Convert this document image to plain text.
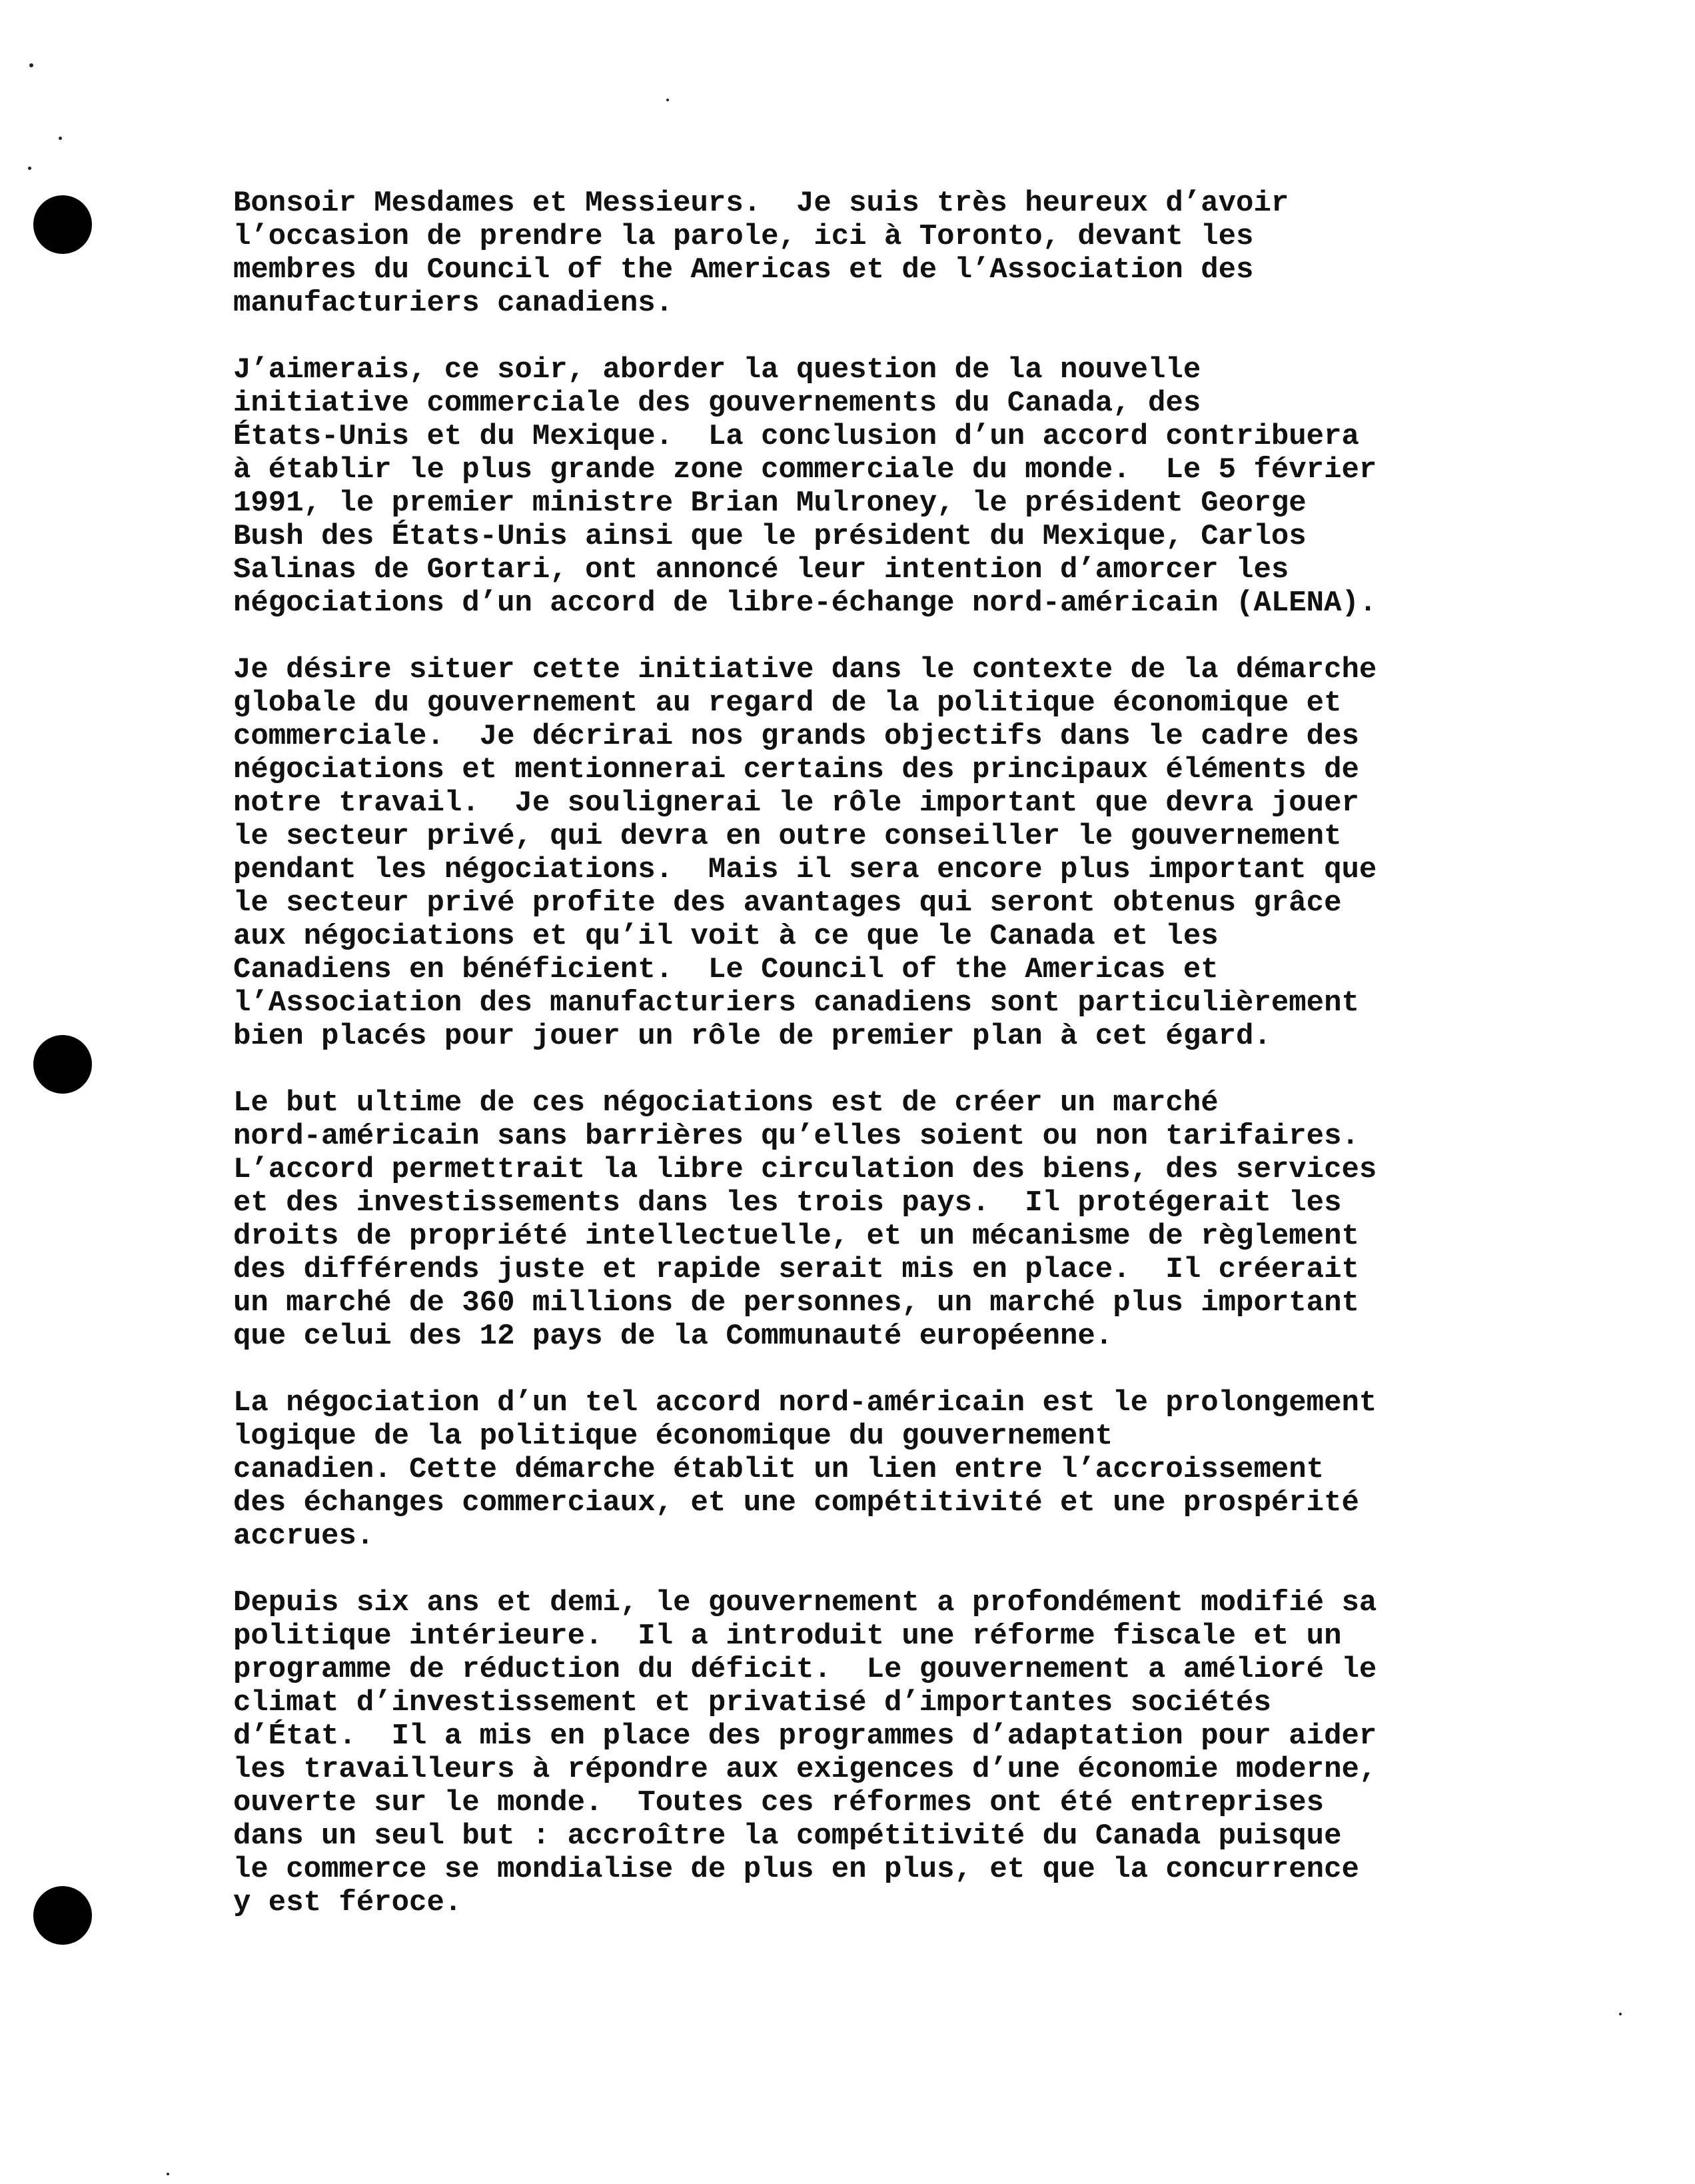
Bonsoir Mesdames et Messieurs.  Je suis très heureux d’avoir
l’occasion de prendre la parole, ici à Toronto, devant les
membres du Council of the Americas et de l’Association des
manufacturiers canadiens.
J’aimerais, ce soir, aborder la question de la nouvelle
initiative commerciale des gouvernements du Canada, des
États-Unis et du Mexique.  La conclusion d’un accord contribuera
à établir le plus grande zone commerciale du monde.  Le 5 février
1991, le premier ministre Brian Mulroney, le président George
Bush des États-Unis ainsi que le président du Mexique, Carlos
Salinas de Gortari, ont annoncé leur intention d’amorcer les
négociations d’un accord de libre-échange nord-américain (ALENA).
Je désire situer cette initiative dans le contexte de la démarche
globale du gouvernement au regard de la politique économique et
commerciale.  Je décrirai nos grands objectifs dans le cadre des
négociations et mentionnerai certains des principaux éléments de
notre travail.  Je soulignerai le rôle important que devra jouer
le secteur privé, qui devra en outre conseiller le gouvernement
pendant les négociations.  Mais il sera encore plus important que
le secteur privé profite des avantages qui seront obtenus grâce
aux négociations et qu’il voit à ce que le Canada et les
Canadiens en bénéficient.  Le Council of the Americas et
l’Association des manufacturiers canadiens sont particulièrement
bien placés pour jouer un rôle de premier plan à cet égard.
Le but ultime de ces négociations est de créer un marché
nord-américain sans barrières qu’elles soient ou non tarifaires.
L’accord permettrait la libre circulation des biens, des services
et des investissements dans les trois pays.  Il protégerait les
droits de propriété intellectuelle, et un mécanisme de règlement
des différends juste et rapide serait mis en place.  Il créerait
un marché de 360 millions de personnes, un marché plus important
que celui des 12 pays de la Communauté européenne.
La négociation d’un tel accord nord-américain est le prolongement
logique de la politique économique du gouvernement
canadien. Cette démarche établit un lien entre l’accroissement
des échanges commerciaux, et une compétitivité et une prospérité
accrues.
Depuis six ans et demi, le gouvernement a profondément modifié sa
politique intérieure.  Il a introduit une réforme fiscale et un
programme de réduction du déficit.  Le gouvernement a amélioré le
climat d’investissement et privatisé d’importantes sociétés
d’État.  Il a mis en place des programmes d’adaptation pour aider
les travailleurs à répondre aux exigences d’une économie moderne,
ouverte sur le monde.  Toutes ces réformes ont été entreprises
dans un seul but : accroître la compétitivité du Canada puisque
le commerce se mondialise de plus en plus, et que la concurrence
y est féroce.
